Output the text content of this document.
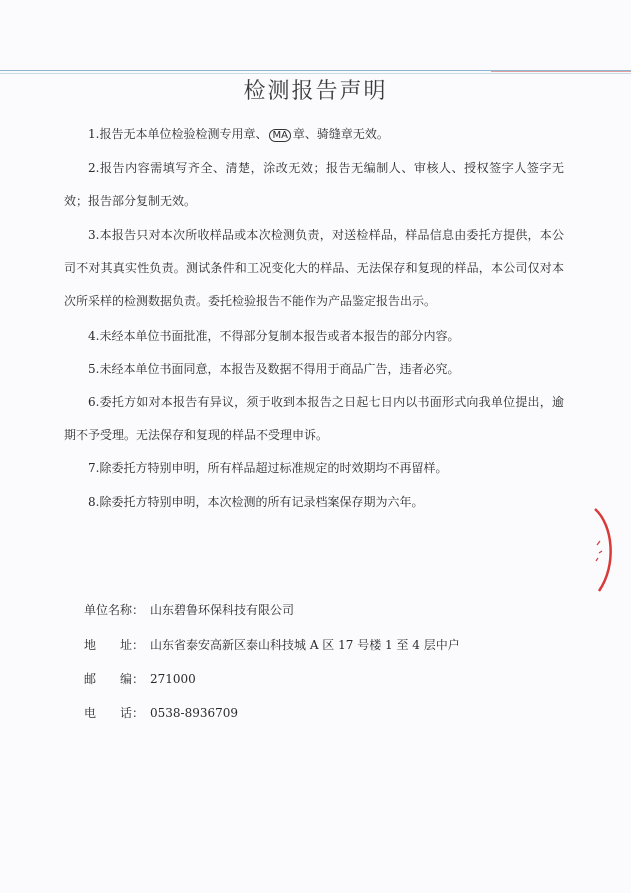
检测报告声明

1.报告无本单位检验检测专用章、 MA 章、骑缝章无效。

2.报告内容需填写齐全、清楚，涂改无效；报告无编制人、审核人、授权签字人签字无效；报告部分复制无效。

3.本报告只对本次所收样品或本次检测负责，对送检样品，样品信息由委托方提供，本公司不对其真实性负责。测试条件和工况变化大的样品、无法保存和复现的样品，本公司仅对本次所采样的检测数据负责。委托检验报告不能作为产品鉴定报告出示。

4.未经本单位书面批准，不得部分复制本报告或者本报告的部分内容。

5.未经本单位书面同意，本报告及数据不得用于商品广告，违者必究。

6.委托方如对本报告有异议，须于收到本报告之日起七日内以书面形式向我单位提出，逾期不予受理。无法保存和复现的样品不受理申诉。

7.除委托方特别申明，所有样品超过标准规定的时效期均不再留样。

8.除委托方特别申明，本次检测的所有记录档案保存期为六年。

单位名称： 山东碧鲁环保科技有限公司
地　　址： 山东省泰安高新区泰山科技城 A 区 17 号楼 1 至 4 层中户
邮　　编： 271000
电　　话： 0538-8936709
